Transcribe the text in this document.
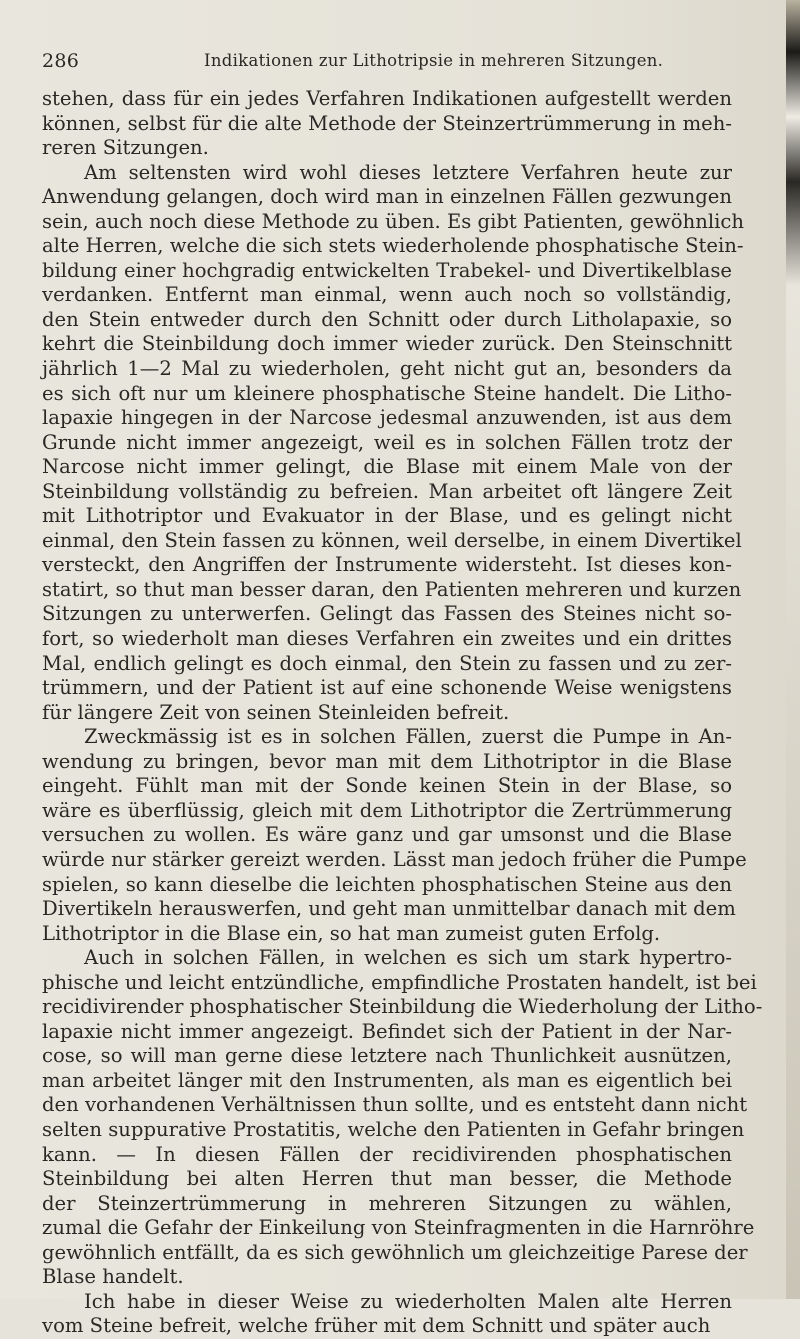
286	Indikationen zur Lithotripsie in mehreren Sitzungen.
stehen, dass für ein jedes Verfahren Indikationen aufgestellt werden
können, selbst für die alte Methode der Steinzertrümmerung in meh-
reren Sitzungen.
Am seltensten wird wohl dieses letztere Verfahren heute zur
Anwendung gelangen, doch wird man in einzelnen Fällen gezwungen
sein, auch noch diese Methode zu üben. Es gibt Patienten, gewöhnlich
alte Herren, welche die sich stets wiederholende phosphatische Stein-
bildung einer hochgradig entwickelten Trabekel- und Divertikelblase
verdanken. Entfernt man einmal, wenn auch noch so vollständig,
den Stein entweder durch den Schnitt oder durch Litholapaxie, so
kehrt die Steinbildung doch immer wieder zurück. Den Steinschnitt
jährlich 1—2 Mal zu wiederholen, geht nicht gut an, besonders da
es sich oft nur um kleinere phosphatische Steine handelt. Die Litho-
lapaxie hingegen in der Narcose jedesmal anzuwenden, ist aus dem
Grunde nicht immer angezeigt, weil es in solchen Fällen trotz der
Narcose nicht immer gelingt, die Blase mit einem Male von der
Steinbildung vollständig zu befreien. Man arbeitet oft längere Zeit
mit Lithotriptor und Evakuator in der Blase, und es gelingt nicht
einmal, den Stein fassen zu können, weil derselbe, in einem Divertikel
versteckt, den Angriffen der Instrumente widersteht. Ist dieses kon-
statirt, so thut man besser daran, den Patienten mehreren und kurzen
Sitzungen zu unterwerfen. Gelingt das Fassen des Steines nicht so-
fort, so wiederholt man dieses Verfahren ein zweites und ein drittes
Mal, endlich gelingt es doch einmal, den Stein zu fassen und zu zer-
trümmern, und der Patient ist auf eine schonende Weise wenigstens
für längere Zeit von seinen Steinleiden befreit.
Zweckmässig ist es in solchen Fällen, zuerst die Pumpe in An-
wendung zu bringen, bevor man mit dem Lithotriptor in die Blase
eingeht. Fühlt man mit der Sonde keinen Stein in der Blase, so
wäre es überflüssig, gleich mit dem Lithotriptor die Zertrümmerung
versuchen zu wollen. Es wäre ganz und gar umsonst und die Blase
würde nur stärker gereizt werden. Lässt man jedoch früher die Pumpe
spielen, so kann dieselbe die leichten phosphatischen Steine aus den
Divertikeln herauswerfen, und geht man unmittelbar danach mit dem
Lithotriptor in die Blase ein, so hat man zumeist guten Erfolg.
Auch in solchen Fällen, in welchen es sich um stark hypertro-
phische und leicht entzündliche, empfindliche Prostaten handelt, ist bei
recidivirender phosphatischer Steinbildung die Wiederholung der Litho-
lapaxie nicht immer angezeigt. Befindet sich der Patient in der Nar-
cose, so will man gerne diese letztere nach Thunlichkeit ausnützen,
man arbeitet länger mit den Instrumenten, als man es eigentlich bei
den vorhandenen Verhältnissen thun sollte, und es entsteht dann nicht
selten suppurative Prostatitis, welche den Patienten in Gefahr bringen
kann. — In diesen Fällen der recidivirenden phosphatischen
Steinbildung bei alten Herren thut man besser, die Methode
der Steinzertrümmerung in mehreren Sitzungen zu wählen,
zumal die Gefahr der Einkeilung von Steinfragmenten in die Harnröhre
gewöhnlich entfällt, da es sich gewöhnlich um gleichzeitige Parese der
Blase handelt.
Ich habe in dieser Weise zu wiederholten Malen alte Herren
vom Steine befreit, welche früher mit dem Schnitt und später auch
